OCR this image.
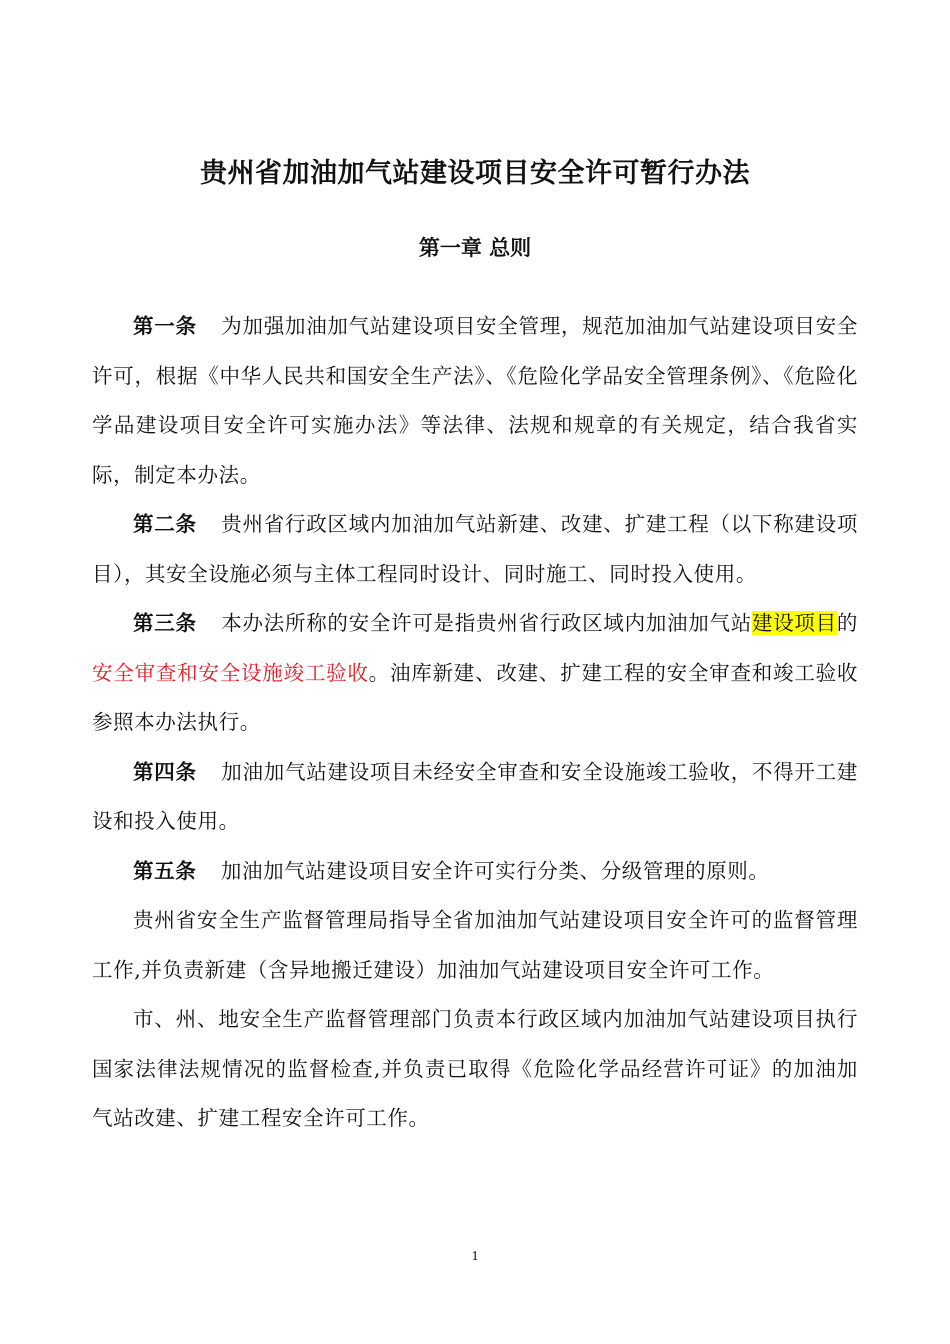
贵州省加油加气站建设项目安全许可暂行办法
第一章 总则

第一条 为加强加油加气站建设项目安全管理，规范加油加气站建设项目安全许可，根据《中华人民共和国安全生产法》、《危险化学品安全管理条例》、《危险化学品建设项目安全许可实施办法》等法律、法规和规章的有关规定，结合我省实际，制定本办法。

第二条 贵州省行政区域内加油加气站新建、改建、扩建工程（以下称建设项目），其安全设施必须与主体工程同时设计、同时施工、同时投入使用。

第三条 本办法所称的安全许可是指贵州省行政区域内加油加气站建设项目的安全审查和安全设施竣工验收。油库新建、改建、扩建工程的安全审查和竣工验收参照本办法执行。

第四条 加油加气站建设项目未经安全审查和安全设施竣工验收，不得开工建设和投入使用。

第五条 加油加气站建设项目安全许可实行分类、分级管理的原则。

贵州省安全生产监督管理局指导全省加油加气站建设项目安全许可的监督管理工作,并负责新建（含异地搬迁建设）加油加气站建设项目安全许可工作。

市、州、地安全生产监督管理部门负责本行政区域内加油加气站建设项目执行国家法律法规情况的监督检查,并负责已取得《危险化学品经营许可证》的加油加气站改建、扩建工程安全许可工作。

1
